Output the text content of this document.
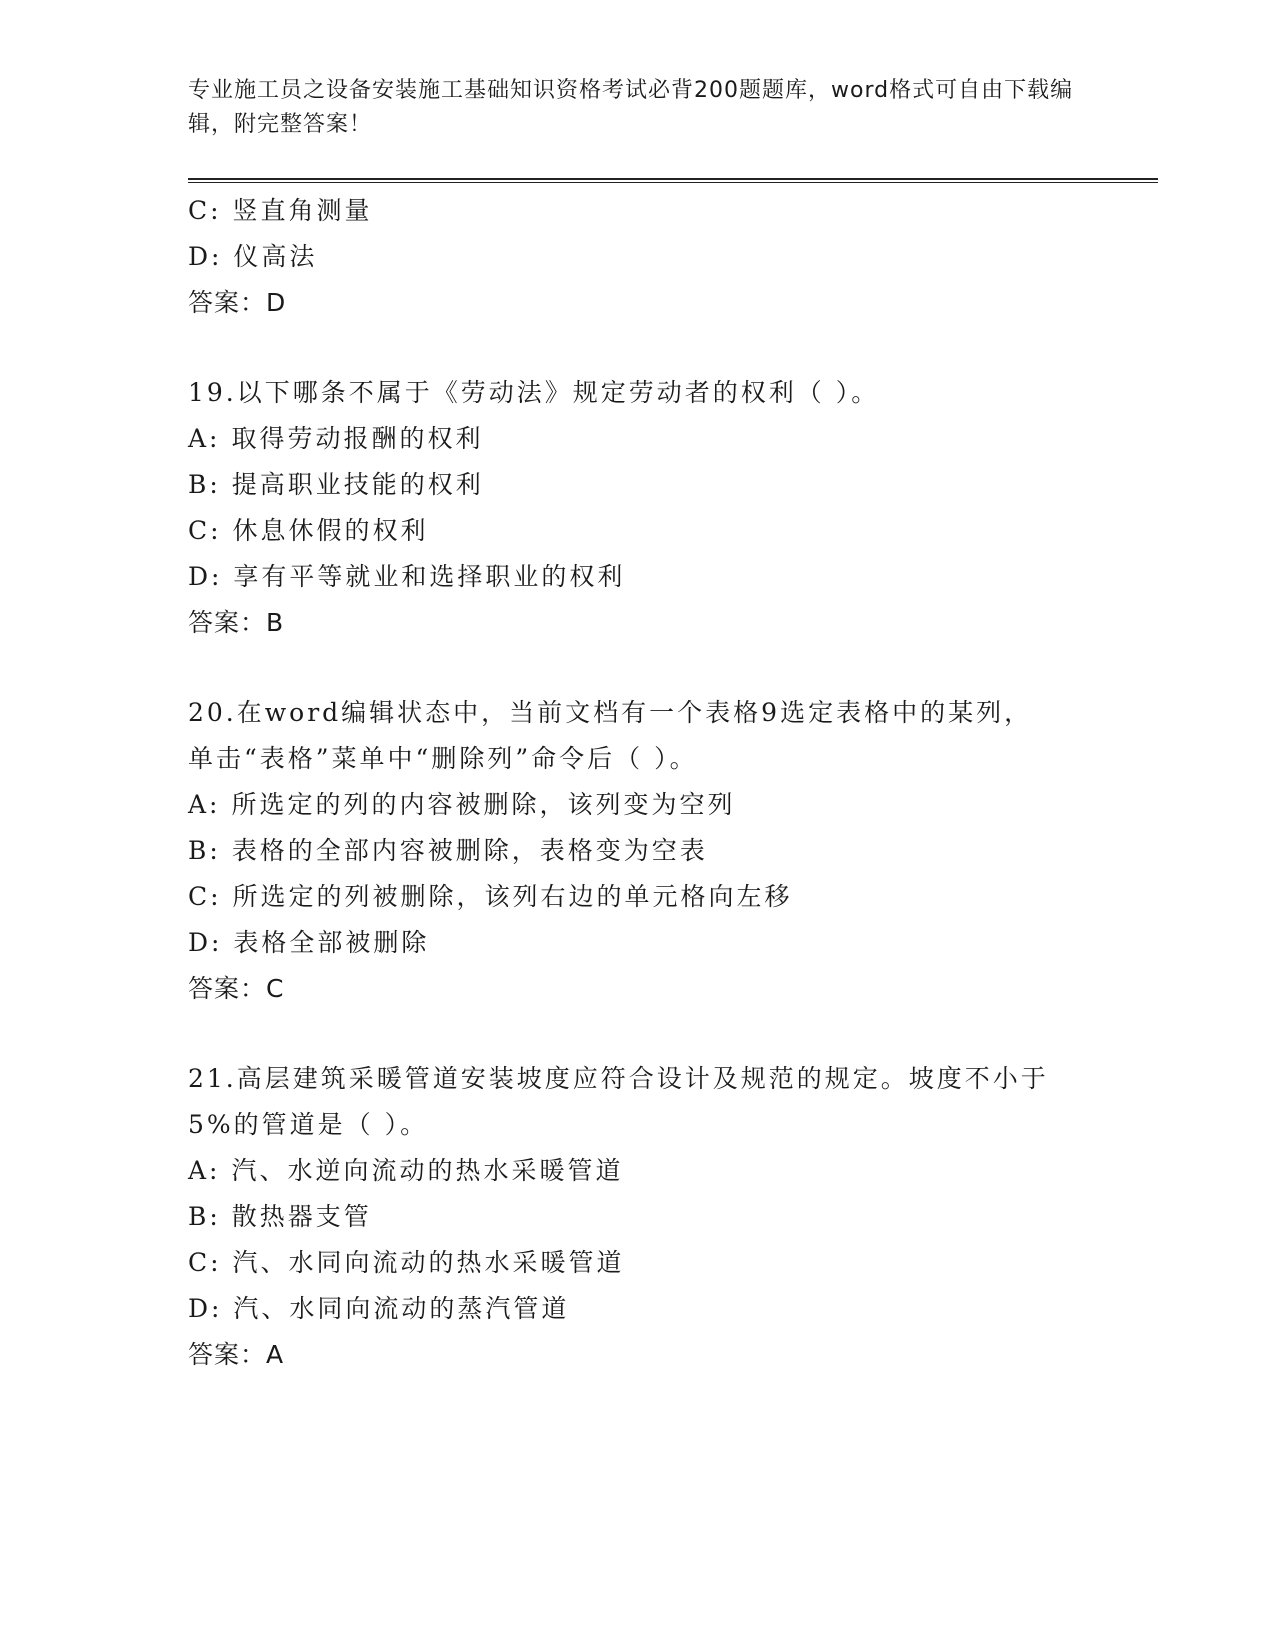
专业施工员之设备安装施工基础知识资格考试必背200题题库，word格式可自由下载编辑，附完整答案！
C: 竖直角测量
D: 仪高法
答案：D
19.以下哪条不属于《劳动法》规定劳动者的权利（ ）。
A: 取得劳动报酬的权利
B: 提高职业技能的权利
C: 休息休假的权利
D: 享有平等就业和选择职业的权利
答案：B
20.在word编辑状态中，当前文档有一个表格9选定表格中的某列，
单击“表格”菜单中“删除列”命令后（ ）。
A: 所选定的列的内容被删除，该列变为空列
B: 表格的全部内容被删除，表格变为空表
C: 所选定的列被删除，该列右边的单元格向左移
D: 表格全部被删除
答案：C
21.高层建筑采暖管道安装坡度应符合设计及规范的规定。坡度不小于
5%的管道是（ ）。
A: 汽、水逆向流动的热水采暖管道
B: 散热器支管
C: 汽、水同向流动的热水采暖管道
D: 汽、水同向流动的蒸汽管道
答案：A
